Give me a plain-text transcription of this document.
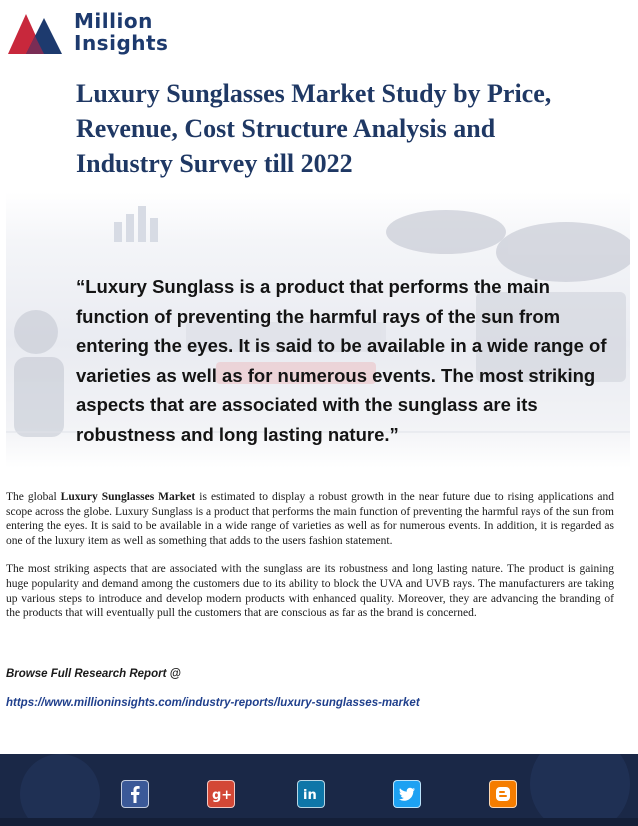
Million
Insights
Luxury Sunglasses Market Study by Price, Revenue, Cost Structure Analysis and Industry Survey till 2022

“Luxury Sunglass is a product that performs the main function of preventing the harmful rays of the sun from entering the eyes. It is said to be available in a wide range of varieties as well as for numerous events. The most striking aspects that are associated with the sunglass are its robustness and long lasting nature.”

The global Luxury Sunglasses Market is estimated to display a robust growth in the near future due to rising applications and scope across the globe. Luxury Sunglass is a product that performs the main function of preventing the harmful rays of the sun from entering the eyes. It is said to be available in a wide range of varieties as well as for numerous events. In addition, it is regarded as one of the luxury item as well as something that adds to the users fashion statement.

The most striking aspects that are associated with the sunglass are its robustness and long lasting nature. The product is gaining huge popularity and demand among the customers due to its ability to block the UVA and UVB rays. The manufacturers are taking up various steps to introduce and develop modern products with enhanced quality. Moreover, they are advancing the branding of the products that will eventually pull the customers that are conscious as far as the brand is concerned.

Browse Full Research Report @
https://www.millioninsights.com/industry-reports/luxury-sunglasses-market
g+	in
